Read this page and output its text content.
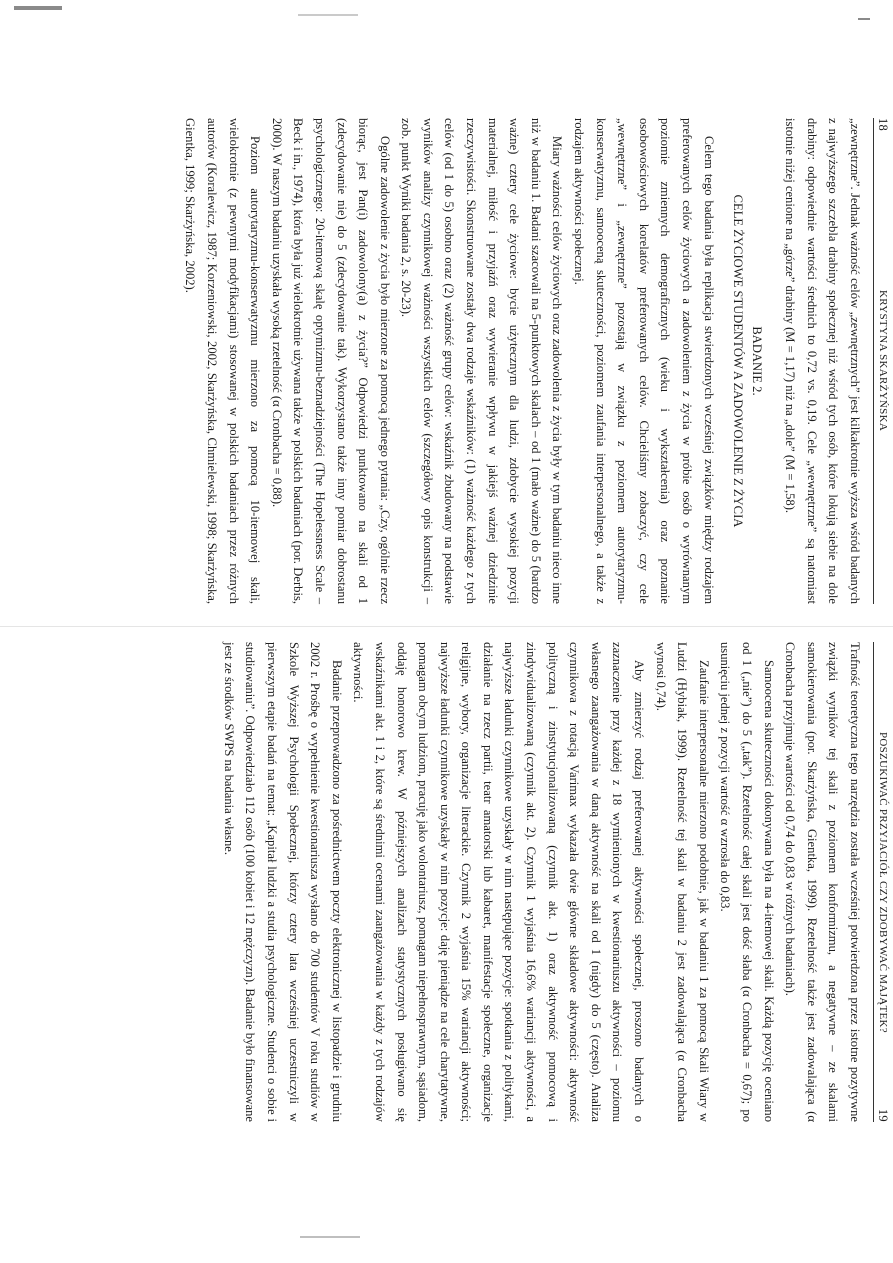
18
KRYSTYNA SKARŻYŃSKA

„zewnętrzne”. Jednak ważność celów „zewnętrznych” jest kilkakrotnie wyższa wśród badanych z najwyższego szczebla drabiny społecznej niż wśród tych osób, które lokują siebie na dole drabiny: odpowiednie wartości średnich to 0,72 vs. 0,19. Cele „wewnętrzne” są natomiast istotnie niżej cenione na „górze” drabiny (M = 1,17) niż na „dole” (M = 1,58).

BADANIE 2.
CELE ŻYCIOWE STUDENTÓW A ZADOWOLENIE Z ŻYCIA

Celem tego badania była replikacja stwierdzonych wcześniej związków między rodzajem preferowanych celów życiowych a zadowoleniem z życia w próbie osób o wyrównanym poziomie zmiennych demograficznych (wieku i wykształcenia) oraz poznanie osobowościowych korelatów preferowanych celów. Chcieliśmy zobaczyć, czy cele „wewnętrzne” i „zewnętrzne” pozostają w związku z poziomem autorytaryzmu-konserwatyzmu, samooceną skuteczności, poziomem zaufania interpersonalnego, a także z rodzajem aktywności społecznej.

Miary ważności celów życiowych oraz zadowolenia z życia były w tym badaniu nieco inne niż w badaniu 1. Badani szacowali na 5-punktowych skalach – od 1 (mało ważne) do 5 (bardzo ważne) cztery cele życiowe: bycie użytecznym dla ludzi, zdobycie wysokiej pozycji materialnej, miłość i przyjaźń oraz wywieranie wpływu w jakiejś ważnej dziedzinie rzeczywistości. Skonstruowane zostały dwa rodzaje wskaźników: (1) ważność każdego z tych celów (od 1 do 5) osobno oraz (2) ważność grupy celów: wskaźnik zbudowany na podstawie wyników analizy czynnikowej ważności wszystkich celów (szczegółowy opis konstrukcji – zob. punkt Wyniki badania 2, s. 20-23).

Ogólne zadowolenie z życia było mierzone za pomocą jednego pytania: „Czy, ogólnie rzecz biorąc, jest Pan(i) zadowolony(a) z życia?” Odpowiedzi punktowano na skali od 1 (zdecydowanie nie) do 5 (zdecydowanie tak). Wykorzystano także inny pomiar dobrostanu psychologicznego: 20-itemową skalę optymizmu-beznadziejności (The Hopelessness Scale – Beck i in., 1974), która była już wielokrotnie używana także w polskich badaniach (por. Derbis, 2000). W naszym badaniu uzyskała wysoką rzetelność (α Cronbacha = 0,88).

Poziom autorytaryzmu-konserwatyzmu mierzono za pomocą 10-itemowej skali, wielokrotnie (z pewnymi modyfikacjami) stosowanej w polskich badaniach przez różnych autorów (Koralewicz, 1987; Korzeniowski, 2002, Skarżyńska, Chmielewski, 1998; Skarżyńska, Gientka, 1999; Skarżyńska, 2002).

POSZUKIWAĆ PRZYJACIÓŁ CZY ZDOBYWAĆ MAJĄTEK?
19

Trafność teoretyczna tego narzędzia została wcześniej potwierdzona przez istotne pozytywne związki wyników tej skali z poziomem konformizmu, a negatywne – ze skalami samokierowania (por. Skarżyńska, Gientka, 1999). Rzetelność także jest zadowalająca (α Cronbacha przyjmuje wartości od 0,74 do 0,83 w różnych badaniach).

Samoocena skuteczności dokonywana była na 4-itemowej skali. Każdą pozycję oceniano od 1 („nie”) do 5 („tak”). Rzetelność całej skali jest dość słaba (α Cronbacha = 0,67); po usunięciu jednej z pozycji wartość α wzrosła do 0,83.

Zaufanie interpersonalne mierzono podobnie, jak w badaniu 1 za pomocą Skali Wiary w Ludzi (Hybiak, 1999). Rzetelność tej skali w badaniu 2 jest zadowalająca (α Cronbacha wynosi 0,74).

Aby zmierzyć rodzaj preferowanej aktywności społecznej, proszono badanych o zaznaczenie przy każdej z 18 wymienionych w kwestionariuszu aktywności – poziomu własnego zaangażowania w daną aktywność na skali od 1 (nigdy) do 5 (często). Analiza czynnikowa z rotacją Varimax wykazała dwie główne składowe aktywności: aktywność polityczną i zinstytucjonalizowaną (czynnik akt. 1) oraz aktywność pomocową i zindywidualizowaną (czynnik akt. 2). Czynnik 1 wyjaśnia 16,6% wariancji aktywności, a najwyższe ładunki czynnikowe uzyskały w nim następujące pozycje: spotkania z politykami, działanie na rzecz partii, teatr amatorski lub kabaret, manifestacje społeczne, organizacje religijne, wybory, organizacje literackie. Czynnik 2 wyjaśnia 15% wariancji aktywności; najwyższe ładunki czynnikowe uzyskały w nim pozycje: daję pieniądze na cele charytatywne, pomagam obcym ludziom, pracuję jako wolontariusz, pomagam niepełnosprawnym, sąsiadom, oddaję honorowo krew. W późniejszych analizach statystycznych posługiwano się wskaźnikami akt. 1 i 2, które są średnimi ocenami zaangażowania w każdy z tych rodzajów aktywności.

Badanie przeprowadzono za pośrednictwem poczty elektronicznej w listopadzie i grudniu 2002 r. Prośbę o wypełnienie kwestionariusza wysłano do 700 studentów V roku studiów w Szkole Wyższej Psychologii Społecznej, którzy cztery lata wcześniej uczestniczyli w pierwszym etapie badań na temat: „Kapitał ludzki a studia psychologiczne. Studenci o sobie i studiowaniu”. Odpowiedziało 112 osób (100 kobiet i 12 mężczyzn). Badanie było finansowane jest ze środków SWPS na badania własne.
